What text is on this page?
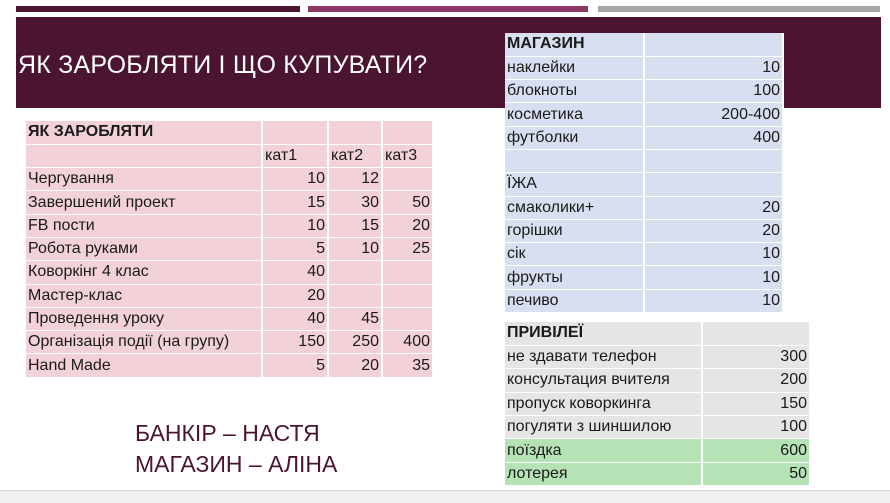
ЯК ЗАРОБЛЯТИ І ЩО КУПУВАТИ?
ЯК ЗАРОБЛЯТИ			
	кат1	кат2	кат3
Чергування	10	12	
Завершений проект	15	30	50
FB пости	10	15	20
Робота руками	5	10	25
Коворкінг 4 клас	40		
Мастер-клас	20		
Проведення уроку	40	45	
Організація події (на групу)	150	250	400
Hand Made	5	20	35
МАГАЗИН	
наклейки	10
блокноты	100
косметика	200-400
футболки	400

ЇЖА	
смаколики+	20
горішки	20
сік	10
фрукты	10
печиво	10
ПРИВІЛЕЇ	
не здавати телефон	300
консультация вчителя	200
пропуск коворкинга	150
погуляти з шиншилою	100
поїздка	600
лотерея	50
БАНКІР – НАСТЯ
МАГАЗИН – АЛІНА
